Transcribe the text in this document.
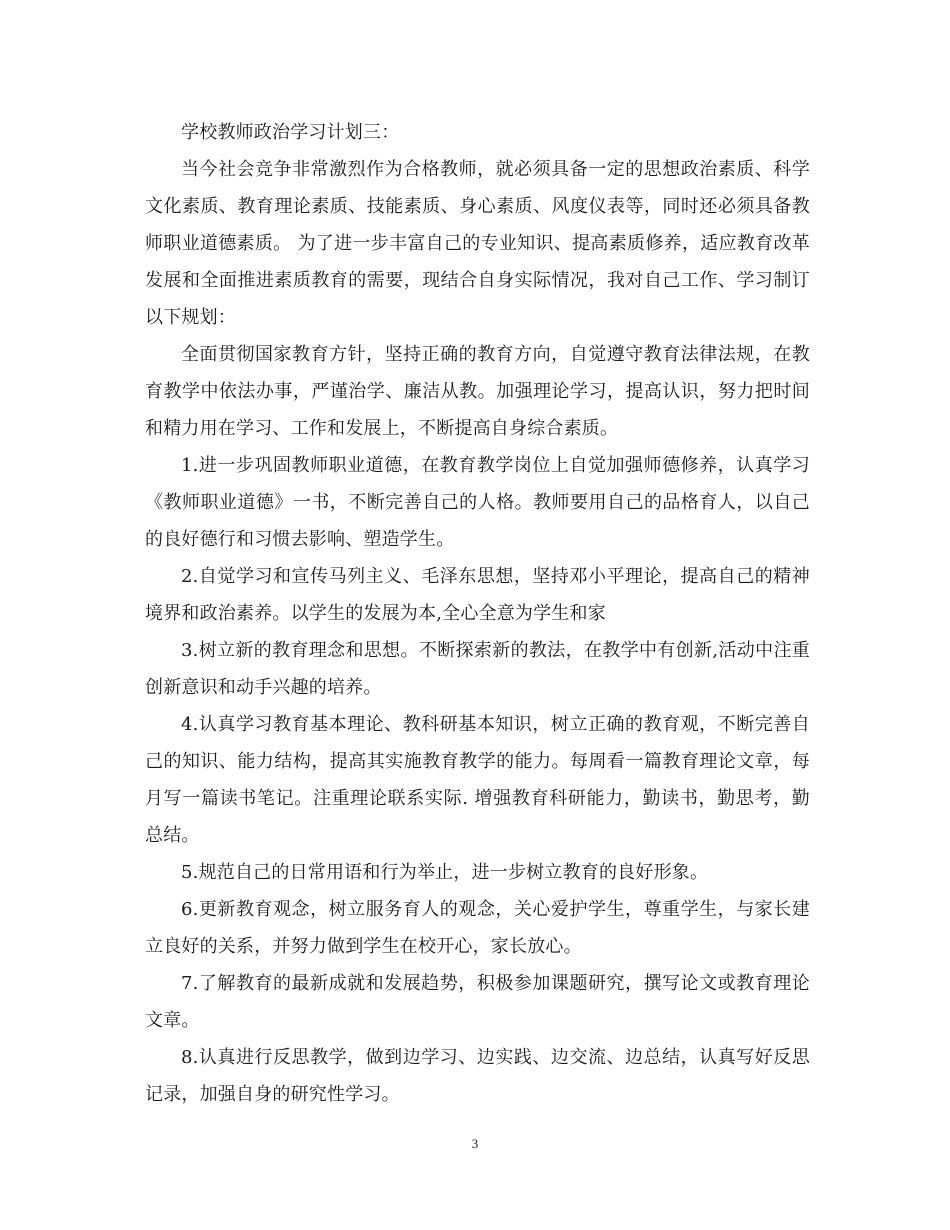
学校教师政治学习计划三：

当今社会竞争非常激烈作为合格教师，就必须具备一定的思想政治素质、科学文化素质、教育理论素质、技能素质、身心素质、风度仪表等，同时还必须具备教师职业道德素质。 为了进一步丰富自己的专业知识、提高素质修养，适应教育改革发展和全面推进素质教育的需要，现结合自身实际情况，我对自己工作、学习制订以下规划：

全面贯彻国家教育方针，坚持正确的教育方向，自觉遵守教育法律法规，在教育教学中依法办事，严谨治学、廉洁从教。加强理论学习，提高认识，努力把时间和精力用在学习、工作和发展上，不断提高自身综合素质。

1.进一步巩固教师职业道德，在教育教学岗位上自觉加强师德修养，认真学习《教师职业道德》一书，不断完善自己的人格。教师要用自己的品格育人，以自己的良好德行和习惯去影响、塑造学生。

2.自觉学习和宣传马列主义、毛泽东思想，坚持邓小平理论，提高自己的精神境界和政治素养。以学生的发展为本,全心全意为学生和家

3.树立新的教育理念和思想。不断探索新的教法，在教学中有创新,活动中注重创新意识和动手兴趣的培养。

4.认真学习教育基本理论、教科研基本知识，树立正确的教育观，不断完善自己的知识、能力结构，提高其实施教育教学的能力。每周看一篇教育理论文章，每月写一篇读书笔记。注重理论联系实际. 增强教育科研能力，勤读书，勤思考，勤总结。

5.规范自己的日常用语和行为举止，进一步树立教育的良好形象。

6.更新教育观念，树立服务育人的观念，关心爱护学生，尊重学生，与家长建立良好的关系，并努力做到学生在校开心，家长放心。

7.了解教育的最新成就和发展趋势，积极参加课题研究，撰写论文或教育理论文章。

8.认真进行反思教学，做到边学习、边实践、边交流、边总结，认真写好反思记录，加强自身的研究性学习。

3
